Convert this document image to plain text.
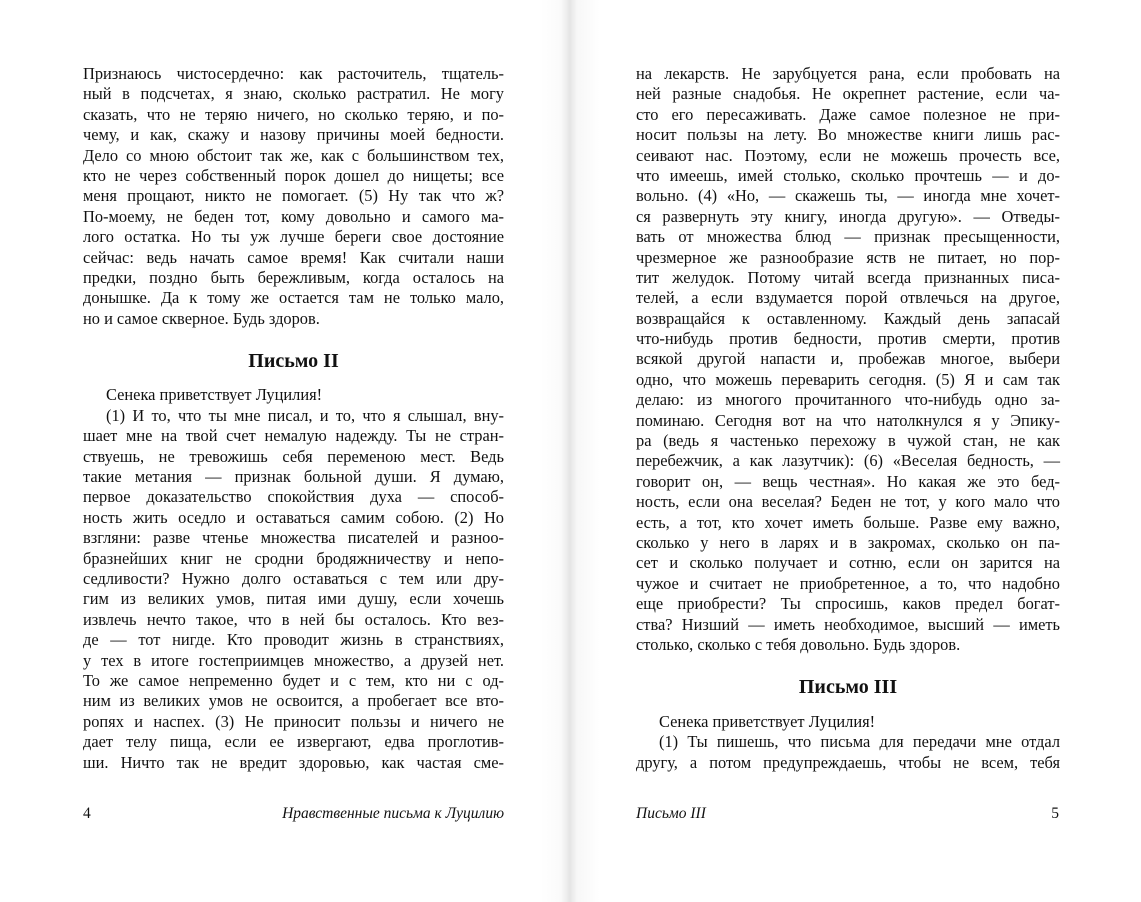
Признаюсь чистосердечно: как расточитель, тщатель-
ный в подсчетах, я знаю, сколько растратил. Не могу
сказать, что не теряю ничего, но сколько теряю, и по-
чему, и как, скажу и назову причины моей бедности.
Дело со мною обстоит так же, как с большинством тех,
кто не через собственный порок дошел до нищеты; все
меня прощают, никто не помогает. (5) Ну так что ж?
По-моему, не беден тот, кому довольно и самого ма-
лого остатка. Но ты уж лучше береги свое достояние
сейчас: ведь начать самое время! Как считали наши
предки, поздно быть бережливым, когда осталось на
донышке. Да к тому же остается там не только мало,
но и самое скверное. Будь здоров.
Письмо II
Сенека приветствует Луцилия!
(1) И то, что ты мне писал, и то, что я слышал, вну-
шает мне на твой счет немалую надежду. Ты не стран-
ствуешь, не тревожишь себя переменою мест. Ведь
такие метания — признак больной души. Я думаю,
первое доказательство спокойствия духа — способ-
ность жить оседло и оставаться самим собою. (2) Но
взгляни: разве чтенье множества писателей и разноо-
бразнейших книг не сродни бродяжничеству и непо-
седливости? Нужно долго оставаться с тем или дру-
гим из великих умов, питая ими душу, если хочешь
извлечь нечто такое, что в ней бы осталось. Кто вез-
де — тот нигде. Кто проводит жизнь в странствиях,
у тех в итоге гостеприимцев множество, а друзей нет.
То же самое непременно будет и с тем, кто ни с од-
ним из великих умов не освоится, а пробегает все вто-
ропях и наспех. (3) Не приносит пользы и ничего не
дает телу пища, если ее извергают, едва проглотив-
ши. Ничто так не вредит здоровью, как частая сме-
4	Нравственные письма к Луцилию
на лекарств. Не зарубцуется рана, если пробовать на
ней разные снадобья. Не окрепнет растение, если ча-
сто его пересаживать. Даже самое полезное не при-
носит пользы на лету. Во множестве книги лишь рас-
сеивают нас. Поэтому, если не можешь прочесть все,
что имеешь, имей столько, сколько прочтешь — и до-
вольно. (4) «Но, — скажешь ты, — иногда мне хочет-
ся развернуть эту книгу, иногда другую». — Отведы-
вать от множества блюд — признак пресыщенности,
чрезмерное же разнообразие яств не питает, но пор-
тит желудок. Потому читай всегда признанных писа-
телей, а если вздумается порой отвлечься на другое,
возвращайся к оставленному. Каждый день запасай
что-нибудь против бедности, против смерти, против
всякой другой напасти и, пробежав многое, выбери
одно, что можешь переварить сегодня. (5) Я и сам так
делаю: из многого прочитанного что-нибудь одно за-
поминаю. Сегодня вот на что натолкнулся я у Эпику-
ра (ведь я частенько перехожу в чужой стан, не как
перебежчик, а как лазутчик): (6) «Веселая бедность, —
говорит он, — вещь честная». Но какая же это бед-
ность, если она веселая? Беден не тот, у кого мало что
есть, а тот, кто хочет иметь больше. Разве ему важно,
сколько у него в ларях и в закромах, сколько он па-
сет и сколько получает и сотню, если он зарится на
чужое и считает не приобретенное, а то, что надобно
еще приобрести? Ты спросишь, каков предел богат-
ства? Низший — иметь необходимое, высший — иметь
столько, сколько с тебя довольно. Будь здоров.
Письмо III
Сенека приветствует Луцилия!
(1) Ты пишешь, что письма для передачи мне отдал
другу, а потом предупреждаешь, чтобы не всем, тебя
Письмо III	5
